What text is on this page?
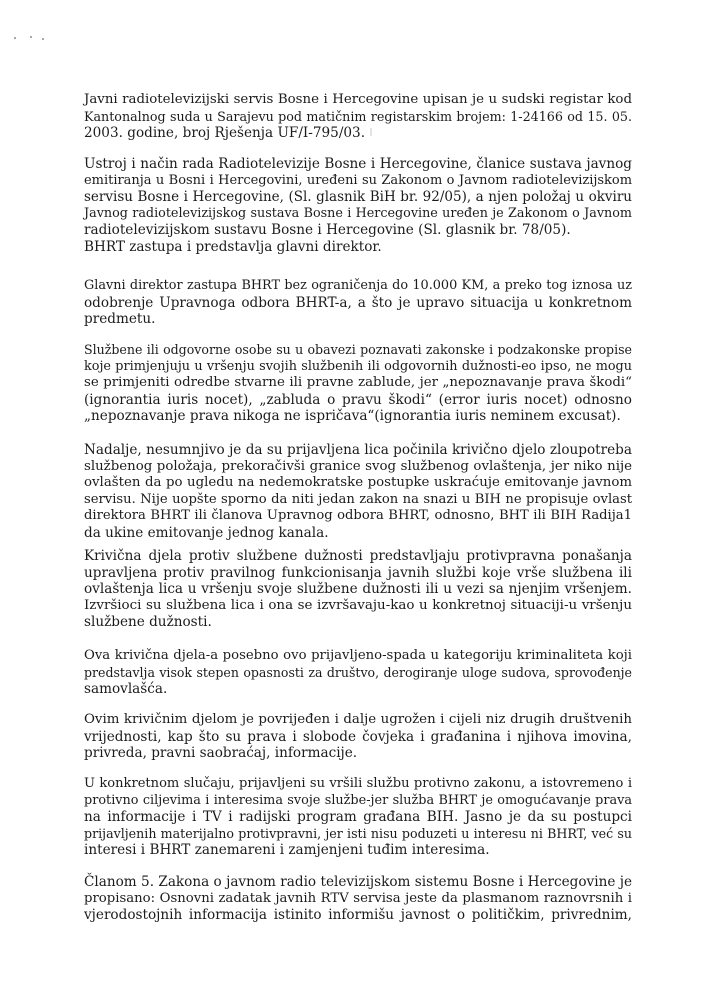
Javni radiotelevizijski servis Bosne i Hercegovine upisan je u sudski registar kod
Kantonalnog suda u Sarajevu pod matičnim registarskim brojem: 1-24166 od 15. 05.
2003. godine, broj Rješenja UF/I-795/03.
Ustroj i način rada Radiotelevizije Bosne i Hercegovine, članice sustava javnog
emitiranja u Bosni i Hercegovini, uređeni su Zakonom o Javnom radiotelevizijskom
servisu Bosne i Hercegovine, (Sl. glasnik BiH br. 92/05), a njen položaj u okviru
Javnog radiotelevizijskog sustava Bosne i Hercegovine uređen je Zakonom o Javnom
radiotelevizijskom sustavu Bosne i Hercegovine (Sl. glasnik br. 78/05).
BHRT zastupa i predstavlja glavni direktor.
Glavni direktor zastupa BHRT bez ograničenja do 10.000 KM, a preko tog iznosa uz
odobrenje Upravnoga odbora BHRT-a, a što je upravo situacija u konkretnom
predmetu.
Službene ili odgovorne osobe su u obavezi poznavati zakonske i podzakonske propise
koje primjenjuju u vršenju svojih službenih ili odgovornih dužnosti-eo ipso, ne mogu
se primjeniti odredbe stvarne ili pravne zablude, jer „nepoznavanje prava škodi“
(ignorantia iuris nocet), „zabluda o pravu škodi“ (error iuris nocet) odnosno
„nepoznavanje prava nikoga ne ispričava“(ignorantia iuris neminem excusat).
Nadalje, nesumnjivo je da su prijavljena lica počinila krivično djelo zloupotreba
službenog položaja, prekoračivši granice svog službenog ovlaštenja, jer niko nije
ovlašten da po ugledu na nedemokratske postupke uskraćuje emitovanje javnom
servisu. Nije uopšte sporno da niti jedan zakon na snazi u BIH ne propisuje ovlast
direktora BHRT ili članova Upravnog odbora BHRT, odnosno, BHT ili BIH Radija1
da ukine emitovanje jednog kanala.
Krivična djela protiv službene dužnosti predstavljaju protivpravna ponašanja
upravljena protiv pravilnog funkcionisanja javnih službi koje vrše službena ili
ovlaštenja lica u vršenju svoje službene dužnosti ili u vezi sa njenjim vršenjem.
Izvršioci su službena lica i ona se izvršavaju-kao u konkretnoj situaciji-u vršenju
službene dužnosti.
Ova krivična djela-a posebno ovo prijavljeno-spada u kategoriju kriminaliteta koji
predstavlja visok stepen opasnosti za društvo, derogiranje uloge sudova, sprovođenje
samovlašća.
Ovim krivičnim djelom je povrijeđen i dalje ugrožen i cijeli niz drugih društvenih
vrijednosti, kap što su prava i slobode čovjeka i građanina i njihova imovina,
privreda, pravni saobraćaj, informacije.
U konkretnom slučaju, prijavljeni su vršili službu protivno zakonu, a istovremeno i
protivno ciljevima i interesima svoje službe-jer služba BHRT je omogućavanje prava
na informacije i TV i radijski program građana BIH. Jasno je da su postupci
prijavljenih materijalno protivpravni, jer isti nisu poduzeti u interesu ni BHRT, već su
interesi i BHRT zanemareni i zamjenjeni tuđim interesima.
Članom 5. Zakona o javnom radio televizijskom sistemu Bosne i Hercegovine je
propisano: Osnovni zadatak javnih RTV servisa jeste da plasmanom raznovrsnih i
vjerodostojnih informacija istinito informišu javnost o političkim, privrednim,
